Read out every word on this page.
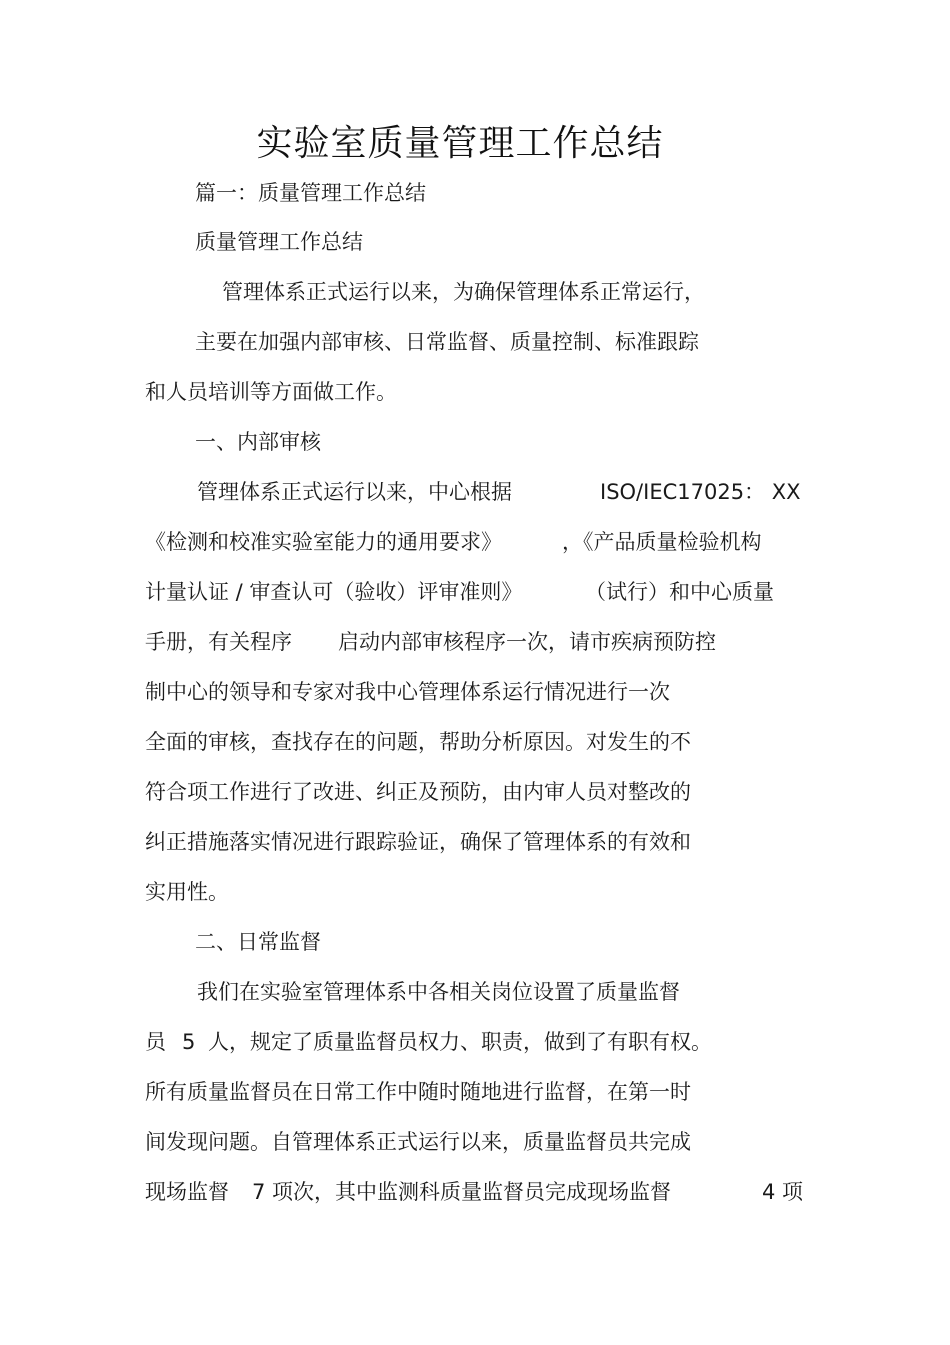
实验室质量管理工作总结
篇一：质量管理工作总结
质量管理工作总结
管理体系正式运行以来，为确保管理体系正常运行，
主要在加强内部审核、日常监督、质量控制、标准跟踪
和人员培训等方面做工作。
一、内部审核
管理体系正式运行以来，中心根据	ISO/IEC17025： XX
《检测和校准实验室能力的通用要求》	，《产品质量检验机构
计量认证 / 审查认可（验收）评审准则》	（试行）和中心质量
手册，有关程序 启动内部审核程序一次，请市疾病预防控
制中心的领导和专家对我中心管理体系运行情况进行一次
全面的审核，查找存在的问题，帮助分析原因。对发生的不
符合项工作进行了改进、纠正及预防，由内审人员对整改的
纠正措施落实情况进行跟踪验证，确保了管理体系的有效和
实用性。
二、日常监督
我们在实验室管理体系中各相关岗位设置了质量监督
员 5 人，规定了质量监督员权力、职责，做到了有职有权。
所有质量监督员在日常工作中随时随地进行监督，在第一时
间发现问题。自管理体系正式运行以来，质量监督员共完成
现场监督 7 项次，其中监测科质量监督员完成现场监督	4 项
